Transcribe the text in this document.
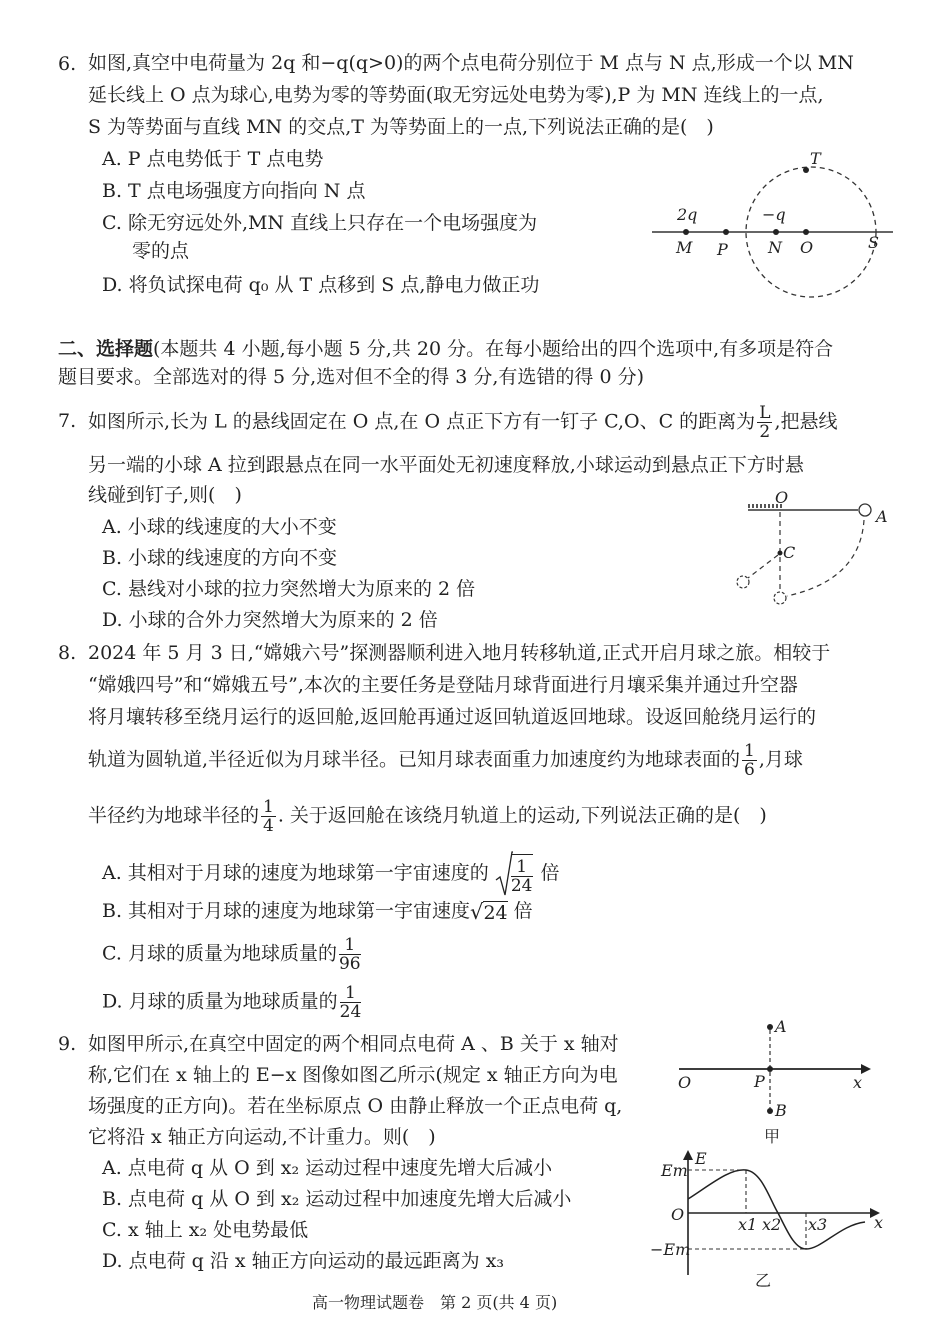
6. 如图,真空中电荷量为 2q 和−q(q>0)的两个点电荷分别位于 M 点与 N 点,形成一个以 MN
延长线上 O 点为球心,电势为零的等势面(取无穷远处电势为零),P 为 MN 连线上的一点,
S 为等势面与直线 MN 的交点,T 为等势面上的一点,下列说法正确的是(　)
A. P 点电势低于 T 点电势
B. T 点电场强度方向指向 N 点
C. 除无穷远处外,MN 直线上只存在一个电场强度为
零的点
D. 将负试探电荷 q₀ 从 T 点移到 S 点,静电力做正功
T
2q	−q
M P	N O	S
O
A
C
A
B
O	P	x
甲
Em
E
O
x1 x2 x3	x
−Em
乙
二、选择题(本题共 4 小题,每小题 5 分,共 20 分。在每小题给出的四个选项中,有多项是符合
题目要求。全部选对的得 5 分,选对但不全的得 3 分,有选错的得 0 分)
7. 如图所示,长为 L 的悬线固定在 O 点,在 O 点正下方有一钉子 C,O、C 的距离为 $\frac{L}{2}$ ,把悬线
另一端的小球 A 拉到跟悬点在同一水平面处无初速度释放,小球运动到悬点正下方时悬
线碰到钉子,则(　)
A. 小球的线速度的大小不变
B. 小球的线速度的方向不变
C. 悬线对小球的拉力突然增大为原来的 2 倍
D. 小球的合外力突然增大为原来的 2 倍
8. 2024 年 5 月 3 日,“嫦娥六号”探测器顺利进入地月转移轨道,正式开启月球之旅。相较于
“嫦娥四号”和“嫦娥五号”,本次的主要任务是登陆月球背面进行月壤采集并通过升空器
将月壤转移至绕月运行的返回舱,返回舱再通过返回轨道返回地球。设返回舱绕月运行的
轨道为圆轨道,半径近似为月球半径。已知月球表面重力加速度约为地球表面的 $\frac{1}{6}$ ,月球
半径约为地球半径的 $\frac{1}{4}$ . 关于返回舱在该绕月轨道上的运动,下列说法正确的是(　)
A. 其相对于月球的速度为地球第一宇宙速度的 $\frac{1}{24}$ 倍
B. 其相对于月球的速度为地球第一宇宙速度√24 倍
C. 月球的质量为地球质量的 $\frac{1}{96}$
D. 月球的质量为地球质量的 $\frac{1}{24}$
9. 如图甲所示,在真空中固定的两个相同点电荷 A 、B 关于 x 轴对
称,它们在 x 轴上的 E−x 图像如图乙所示(规定 x 轴正方向为电
场强度的正方向)。若在坐标原点 O 由静止释放一个正点电荷 q,
它将沿 x 轴正方向运动,不计重力。则(　)
A. 点电荷 q 从 O 到 x₂ 运动过程中速度先增大后减小
B. 点电荷 q 从 O 到 x₂ 运动过程中加速度先增大后减小
C. x 轴上 x₂ 处电势最低
D. 点电荷 q 沿 x 轴正方向运动的最远距离为 x₃
高一物理试题卷　第 2 页(共 4 页)
